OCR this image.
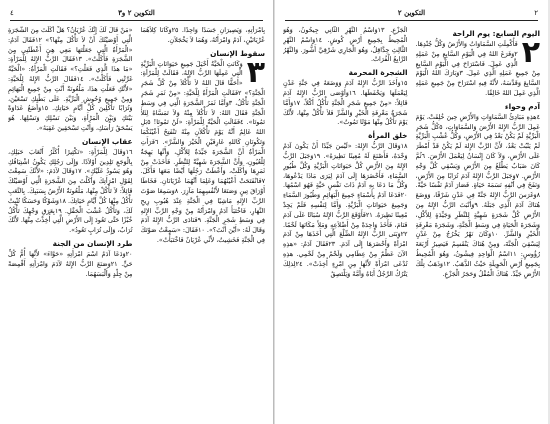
٤	التكوين ٢ و٣

بِامْرَأَتِهِ، وَيَصِيرَانِ جَسَدًا وَاحِدًا. ٢٥وَكَانَا كِلاَهُمَا عُرْيَانَيْنِ، آدَمُ وَامْرَأَتُهُ، وَهُمَا لاَ يَخْجَلاَنِ.

سقوط الإنسان

٣
وَكَانَتِ الْحَيَّةُ أَحْيَلَ جَمِيعِ حَيَوَانَاتِ الْبَرِّيَّةِ الَّتِي عَمِلَهَا الرَّبُّ الإِلهُ، فَقَالَتْ لِلْمَرْأَةِ: «أَحَقًّا قَالَ اللهُ لاَ تَأْكُلاَ مِنْ كُلِّ شَجَرِ الْجَنَّةِ؟» ٢فَقَالَتِ الْمَرْأَةُ لِلْحَيَّةِ: «مِنْ ثَمَرِ شَجَرِ الْجَنَّةِ نَأْكُلُ، ٣وَأَمَّا ثَمَرُ الشَّجَرَةِ الَّتِي فِي وَسَطِ الْجَنَّةِ فَقَالَ اللهُ: لاَ تَأْكُلاَ مِنْهُ وَلاَ تَمَسَّاهُ لِئَلاَّ تَمُوتَا». ٤فَقَالَتِ الْحَيَّةُ لِلْمَرْأَةِ: «لَنْ تَمُوتَا! ٥بَلِ اللهُ عَالِمٌ أَنَّهُ يَوْمَ تَأْكُلاَنِ مِنْهُ تَنْفَتِحُ أَعْيُنُكُمَا وَتَكُونَانِ كَاللهِ عَارِفَيْنِ الْخَيْرَ وَالشَّرَّ». ٦فَرَأَتِ الْمَرْأَةُ أَنَّ الشَّجَرَةَ جَيِّدَةٌ لِلأَكْلِ، وَأَنَّهَا بَهِجَةٌ لِلْعُيُونِ، وَأَنَّ الشَّجَرَةَ شَهِيَّةٌ لِلنَّظَرِ. فَأَخَذَتْ مِنْ ثَمَرِهَا وَأَكَلَتْ، وَأَعْطَتْ رَجُلَهَا أَيْضًا مَعَهَا فَأَكَلَ. ٧فَانْفَتَحَتْ أَعْيُنُهُمَا وَعَلِمَا أَنَّهُمَا عُرْيَانَانِ. فَخَاطَا أَوْرَاقَ تِينٍ وَصَنَعَا لأَنْفُسِهِمَا مَآزِرَ. ٨وَسَمِعَا صَوْتَ الرَّبِّ الإِلهِ مَاشِيًا فِي الْجَنَّةِ عِنْدَ هُبُوبِ رِيحِ النَّهَارِ، فَاخْتَبَأَ آدَمُ وَامْرَأَتُهُ مِنْ وَجْهِ الرَّبِّ الإِلهِ فِي وَسَطِ شَجَرِ الْجَنَّةِ. ٩فَنَادَى الرَّبُّ الإِلهُ آدَمَ وَقَالَ لَهُ: «أَيْنَ أَنْتَ؟». ١٠فَقَالَ: «سَمِعْتُ صَوْتَكَ فِي الْجَنَّةِ فَخَشِيتُ، لأَنِّي عُرْيَانٌ فَاخْتَبَأْتُ».

«مَنْ قَالَ لَكَ إِنَّكَ عُرْيَانٌ؟ هَلْ أَكَلْتَ مِنَ الشَّجَرَةِ الَّتِي أَوْصَيْتُكَ أَنْ لاَ تَأْكُلَ مِنْهَا؟» ١٢فَقَالَ آدَمُ: «الْمَرْأَةُ الَّتِي جَعَلْتَهَا مَعِي هِيَ أَعْطَتْنِي مِنَ الشَّجَرَةِ فَأَكَلْتُ». ١٣فَقَالَ الرَّبُّ الإِلهُ لِلْمَرْأَةِ: «مَا هذَا الَّذِي فَعَلْتِ؟» فَقَالَتِ الْمَرْأَةُ: «الْحَيَّةُ غَرَّتْنِي فَأَكَلْتُ». ١٤فَقَالَ الرَّبُّ الإِلهُ لِلْحَيَّةِ: «لأَنَّكِ فَعَلْتِ هذَا، مَلْعُونَةٌ أَنْتِ مِنْ جَمِيعِ الْبَهَائِمِ وَمِنْ جَمِيعِ وُحُوشِ الْبَرِّيَّةِ. عَلَى بَطْنِكِ تَسْعَيْنَ، وَتُرَابًا تَأْكُلِينَ كُلَّ أَيَّامِ حَيَاتِكِ. ١٥وَأَضَعُ عَدَاوَةً بَيْنَكِ وَبَيْنَ الْمَرْأَةِ، وَبَيْنَ نَسْلِكِ وَنَسْلِهَا. هُوَ يَسْحَقُ رَأْسَكِ، وَأَنْتِ تَسْحَقِينَ عَقِبَهُ».

عقاب الإنسان

١٦وَقَالَ لِلْمَرْأَةِ: «تَكْثِيرًا أُكَثِّرُ أَتْعَابَ حَبَلِكِ، بِالْوَجَعِ تَلِدِينَ أَوْلاَدًا. وَإِلَى رَجُلِكِ يَكُونُ اشْتِيَاقُكِ وَهُوَ يَسُودُ عَلَيْكِ». ١٧وَقَالَ لآدَمَ: «لأَنَّكَ سَمِعْتَ لِقَوْلِ امْرَأَتِكَ وَأَكَلْتَ مِنَ الشَّجَرَةِ الَّتِي أَوْصَيْتُكَ قَائِلاً: لاَ تَأْكُلْ مِنْهَا، مَلْعُونَةٌ الأَرْضُ بِسَبَبِكَ. بِالتَّعَبِ تَأْكُلُ مِنْهَا كُلَّ أَيَّامِ حَيَاتِكَ. ١٨وَشَوْكًا وَحَسَكًا تُنْبِتُ لَكَ، وَتَأْكُلُ عُشْبَ الْحَقْلِ. ١٩بِعَرَقِ وَجْهِكَ تَأْكُلُ خُبْزًا حَتَّى تَعُودَ إِلَى الأَرْضِ الَّتِي أُخِذْتَ مِنْهَا. لأَنَّكَ تُرَابٌ، وَإِلَى تُرَابٍ تَعُودُ».

طرد الإنسان من الجنة

٢٠وَدَعَا آدَمُ اسْمَ امْرَأَتِهِ «حَوَّاءَ» لأَنَّهَا أُمُّ كُلِّ حَيٍّ. ٢١وَصَنَعَ الرَّبُّ الإِلهُ لآدَمَ وَامْرَأَتِهِ أَقْمِصَةً مِنْ جِلْدٍ وَأَلْبَسَهُمَا.

٢
التكوين ٢
اليوم السابع: يوم الراحة

٢
فَأُكْمِلَتِ السَّمَاوَاتُ وَالأَرْضُ وَكُلُّ جُنْدِهَا. ٢وَفَرَغَ اللهُ فِي الْيَوْمِ السَّابِعِ مِنْ عَمَلِهِ الَّذِي عَمِلَ. فَاسْتَرَاحَ فِي الْيَوْمِ السَّابِعِ مِنْ جَمِيعِ عَمَلِهِ الَّذِي عَمِلَ. ٣وَبَارَكَ اللهُ الْيَوْمَ السَّابِعَ وَقَدَّسَهُ، لأَنَّهُ فِيهِ اسْتَرَاحَ مِنْ جَمِيعِ عَمَلِهِ الَّذِي عَمِلَ اللهُ خَالِقًا.

آدم وحواء

٤هذِهِ مَبَادِئُ السَّمَاوَاتِ وَالأَرْضِ حِينَ خُلِقَتْ، يَوْمَ عَمِلَ الرَّبُّ الإِلهُ الأَرْضَ وَالسَّمَاوَاتِ، ٥كُلُّ شَجَرِ الْبَرِّيَّةِ لَمْ يَكُنْ بَعْدُ فِي الأَرْضِ، وَكُلُّ عُشْبِ الْبَرِّيَّةِ لَمْ يَنْبُتْ بَعْدُ، لأَنَّ الرَّبَّ الإِلهَ لَمْ يَكُنْ قَدْ أَمْطَرَ عَلَى الأَرْضِ، وَلاَ كَانَ إِنْسَانٌ لِيَعْمَلَ الأَرْضَ. ٦ثُمَّ كَانَ ضَبَابٌ يَطْلَعُ مِنَ الأَرْضِ وَيَسْقِي كُلَّ وَجْهِ الأَرْضِ. ٧وَجَبَلَ الرَّبُّ الإِلهُ آدَمَ تُرَابًا مِنَ الأَرْضِ، وَنَفَخَ فِي أَنْفِهِ نَسَمَةَ حَيَاةٍ. فَصَارَ آدَمُ نَفْسًا حَيَّةً. ٨وَغَرَسَ الرَّبُّ الإِلهُ جَنَّةً فِي عَدْنٍ شَرْقًا، وَوَضَعَ هُنَاكَ آدَمَ الَّذِي جَبَلَهُ. ٩وَأَنْبَتَ الرَّبُّ الإِلهُ مِنَ الأَرْضِ كُلَّ شَجَرَةٍ شَهِيَّةٍ لِلنَّظَرِ وَجَيِّدَةٍ لِلأَكْلِ، وَشَجَرَةَ الْحَيَاةِ فِي وَسَطِ الْجَنَّةِ، وَشَجَرَةَ مَعْرِفَةِ الْخَيْرِ وَالشَّرِّ. ١٠وَكَانَ نَهْرٌ يَخْرُجُ مِنْ عَدْنٍ لِيَسْقِيَ الْجَنَّةَ، وَمِنْ هُنَاكَ يَنْقَسِمُ فَيَصِيرُ أَرْبَعَةَ رُؤُوسٍ: ١١اسْمُ الْوَاحِدِ فِيشُونُ، وَهُوَ الْمُحِيطُ بِجَمِيعِ أَرْضِ الْحَوِيلَةِ حَيْثُ الذَّهَبُ. ١٢وَذَهَبُ تِلْكَ الأَرْضِ جَيِّدٌ. هُنَاكَ الْمُقْلُ وَحَجَرُ الْجَزْعِ.

الْجَزْعِ. ١٣وَاسْمُ النَّهْرِ الثَّانِي جِيحُونُ، وَهُوَ الْمُحِيطُ بِجَمِيعِ أَرْضِ كُوشٍ. ١٤وَاسْمُ النَّهْرِ الثَّالِثِ حِدَّاقِلُ، وَهُوَ الْجَارِي شَرْقِيَّ أَشُّورَ. وَالنَّهْرُ الرَّابِعُ الْفُرَاتُ.

الشجرة المحرمة

١٥وَأَخَذَ الرَّبُّ الإِلهُ آدَمَ وَوَضَعَهُ فِي جَنَّةِ عَدْنٍ لِيَعْمَلَهَا وَيَحْفَظَهَا. ١٦وَأَوْصَى الرَّبُّ الإِلهُ آدَمَ قَائِلاً: «مِنْ جَمِيعِ شَجَرِ الْجَنَّةِ تَأْكُلُ أَكْلاً، ١٧وَأَمَّا شَجَرَةُ مَعْرِفَةِ الْخَيْرِ وَالشَّرِّ فَلاَ تَأْكُلْ مِنْهَا، لأَنَّكَ يَوْمَ تَأْكُلُ مِنْهَا مَوْتًا تَمُوتُ».

خلق المرأة

١٨وَقَالَ الرَّبُّ الإِلهُ: «لَيْسَ جَيِّدًا أَنْ يَكُونَ آدَمُ وَحْدَهُ، فَأَصْنَعَ لَهُ مُعِينًا نَظِيرَهُ». ١٩وَجَبَلَ الرَّبُّ الإِلهُ مِنَ الأَرْضِ كُلَّ حَيَوَانَاتِ الْبَرِّيَّةِ وَكُلَّ طُيُورِ السَّمَاءِ، فَأَحْضَرَهَا إِلَى آدَمَ لِيَرَى مَاذَا يَدْعُوهَا، وَكُلُّ مَا دَعَا بِهِ آدَمُ ذَاتَ نَفْسٍ حَيَّةٍ فَهُوَ اسْمُهَا. ٢٠فَدَعَا آدَمُ بِأَسْمَاءٍ جَمِيعَ الْبَهَائِمِ وَطُيُورَ السَّمَاءِ وَجَمِيعَ حَيَوَانَاتِ الْبَرِّيَّةِ. وَأَمَّا لِنَفْسِهِ فَلَمْ يَجِدْ مُعِينًا نَظِيرَهُ. ٢١فَأَوْقَعَ الرَّبُّ الإِلهُ سُبَاتًا عَلَى آدَمَ فَنَامَ، فَأَخَذَ وَاحِدَةً مِنْ أَضْلاَعِهِ وَمَلأَ مَكَانَهَا لَحْمًا. ٢٢وَبَنَى الرَّبُّ الإِلهُ الضِّلْعَ الَّتِي أَخَذَهَا مِنْ آدَمَ امْرَأَةً وَأَحْضَرَهَا إِلَى آدَمَ. ٢٣فَقَالَ آدَمُ: «هذِهِ الآنَ عَظْمٌ مِنْ عِظَامِي وَلَحْمٌ مِنْ لَحْمِي. هذِهِ تُدْعَى امْرَأَةً لأَنَّهَا مِنِ امْرِءٍ أُخِذَتْ». ٢٤لِذلِكَ يَتْرُكُ الرَّجُلُ أَبَاهُ وَأُمَّهُ وَيَلْتَصِقُ
